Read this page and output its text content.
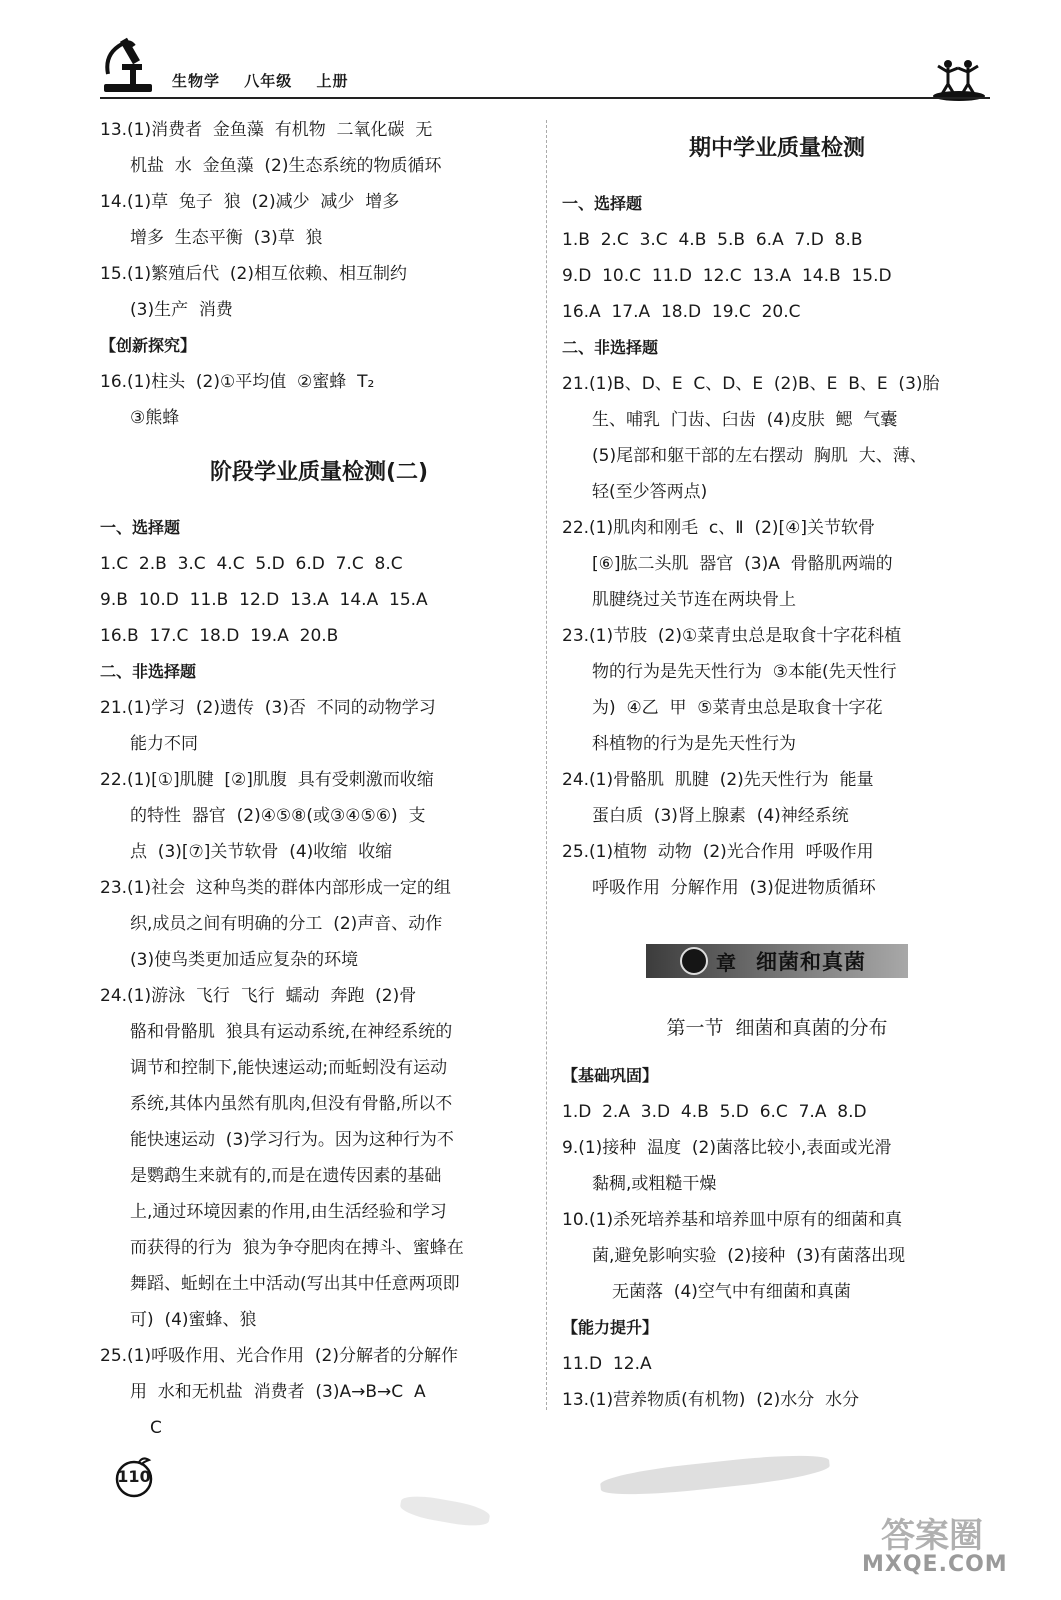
生物学 八年级 上册
13.(1)消费者  金鱼藻  有机物  二氧化碳  无
机盐  水  金鱼藻  (2)生态系统的物质循环
14.(1)草  兔子  狼  (2)减少  减少  增多
增多  生态平衡  (3)草  狼
15.(1)繁殖后代  (2)相互依赖、相互制约
(3)生产  消费
【创新探究】
16.(1)柱头  (2)①平均值  ②蜜蜂  T₂
③熊蜂
阶段学业质量检测(二)
一、选择题
1.C  2.B  3.C  4.C  5.D  6.D  7.C  8.C
9.B  10.D  11.B  12.D  13.A  14.A  15.A
16.B  17.C  18.D  19.A  20.B
二、非选择题
21.(1)学习  (2)遗传  (3)否  不同的动物学习
能力不同
22.(1)[①]肌腱  [②]肌腹  具有受刺激而收缩
的特性  器官  (2)④⑤⑧(或③④⑤⑥)  支
点  (3)[⑦]关节软骨  (4)收缩  收缩
23.(1)社会  这种鸟类的群体内部形成一定的组
织,成员之间有明确的分工  (2)声音、动作
(3)使鸟类更加适应复杂的环境
24.(1)游泳  飞行  飞行  蠕动  奔跑  (2)骨
骼和骨骼肌  狼具有运动系统,在神经系统的
调节和控制下,能快速运动;而蚯蚓没有运动
系统,其体内虽然有肌肉,但没有骨骼,所以不
能快速运动  (3)学习行为。因为这种行为不
是鹦鹉生来就有的,而是在遗传因素的基础
上,通过环境因素的作用,由生活经验和学习
而获得的行为  狼为争夺肥肉在搏斗、蜜蜂在
舞蹈、蚯蚓在土中活动(写出其中任意两项即
可)  (4)蜜蜂、狼
25.(1)呼吸作用、光合作用  (2)分解者的分解作
用  水和无机盐  消费者  (3)A→B→C  A
C
期中学业质量检测
一、选择题
1.B  2.C  3.C  4.B  5.B  6.A  7.D  8.B
9.D  10.C  11.D  12.C  13.A  14.B  15.D
16.A  17.A  18.D  19.C  20.C
二、非选择题
21.(1)B、D、E  C、D、E  (2)B、E  B、E  (3)胎
生、哺乳  门齿、臼齿  (4)皮肤  鳃  气囊
(5)尾部和躯干部的左右摆动  胸肌  大、薄、
轻(至少答两点)
22.(1)肌肉和刚毛  c、Ⅱ  (2)[④]关节软骨
[⑥]肱二头肌  器官  (3)A  骨骼肌两端的
肌腱绕过关节连在两块骨上
23.(1)节肢  (2)①菜青虫总是取食十字花科植
物的行为是先天性行为  ③本能(先天性行
为)  ④乙  甲  ⑤菜青虫总是取食十字花
科植物的行为是先天性行为
24.(1)骨骼肌  肌腱  (2)先天性行为  能量
蛋白质  (3)肾上腺素  (4)神经系统
25.(1)植物  动物  (2)光合作用  呼吸作用
呼吸作用  分解作用  (3)促进物质循环
章 细菌和真菌
第一节  细菌和真菌的分布
【基础巩固】
1.D  2.A  3.D  4.B  5.D  6.C  7.A  8.D
9.(1)接种  温度  (2)菌落比较小,表面或光滑
黏稠,或粗糙干燥
10.(1)杀死培养基和培养皿中原有的细菌和真
菌,避免影响实验  (2)接种  (3)有菌落出现
无菌落  (4)空气中有细菌和真菌
【能力提升】
11.D  12.A
13.(1)营养物质(有机物)  (2)水分  水分
110
答案圈
MXQE.COM
